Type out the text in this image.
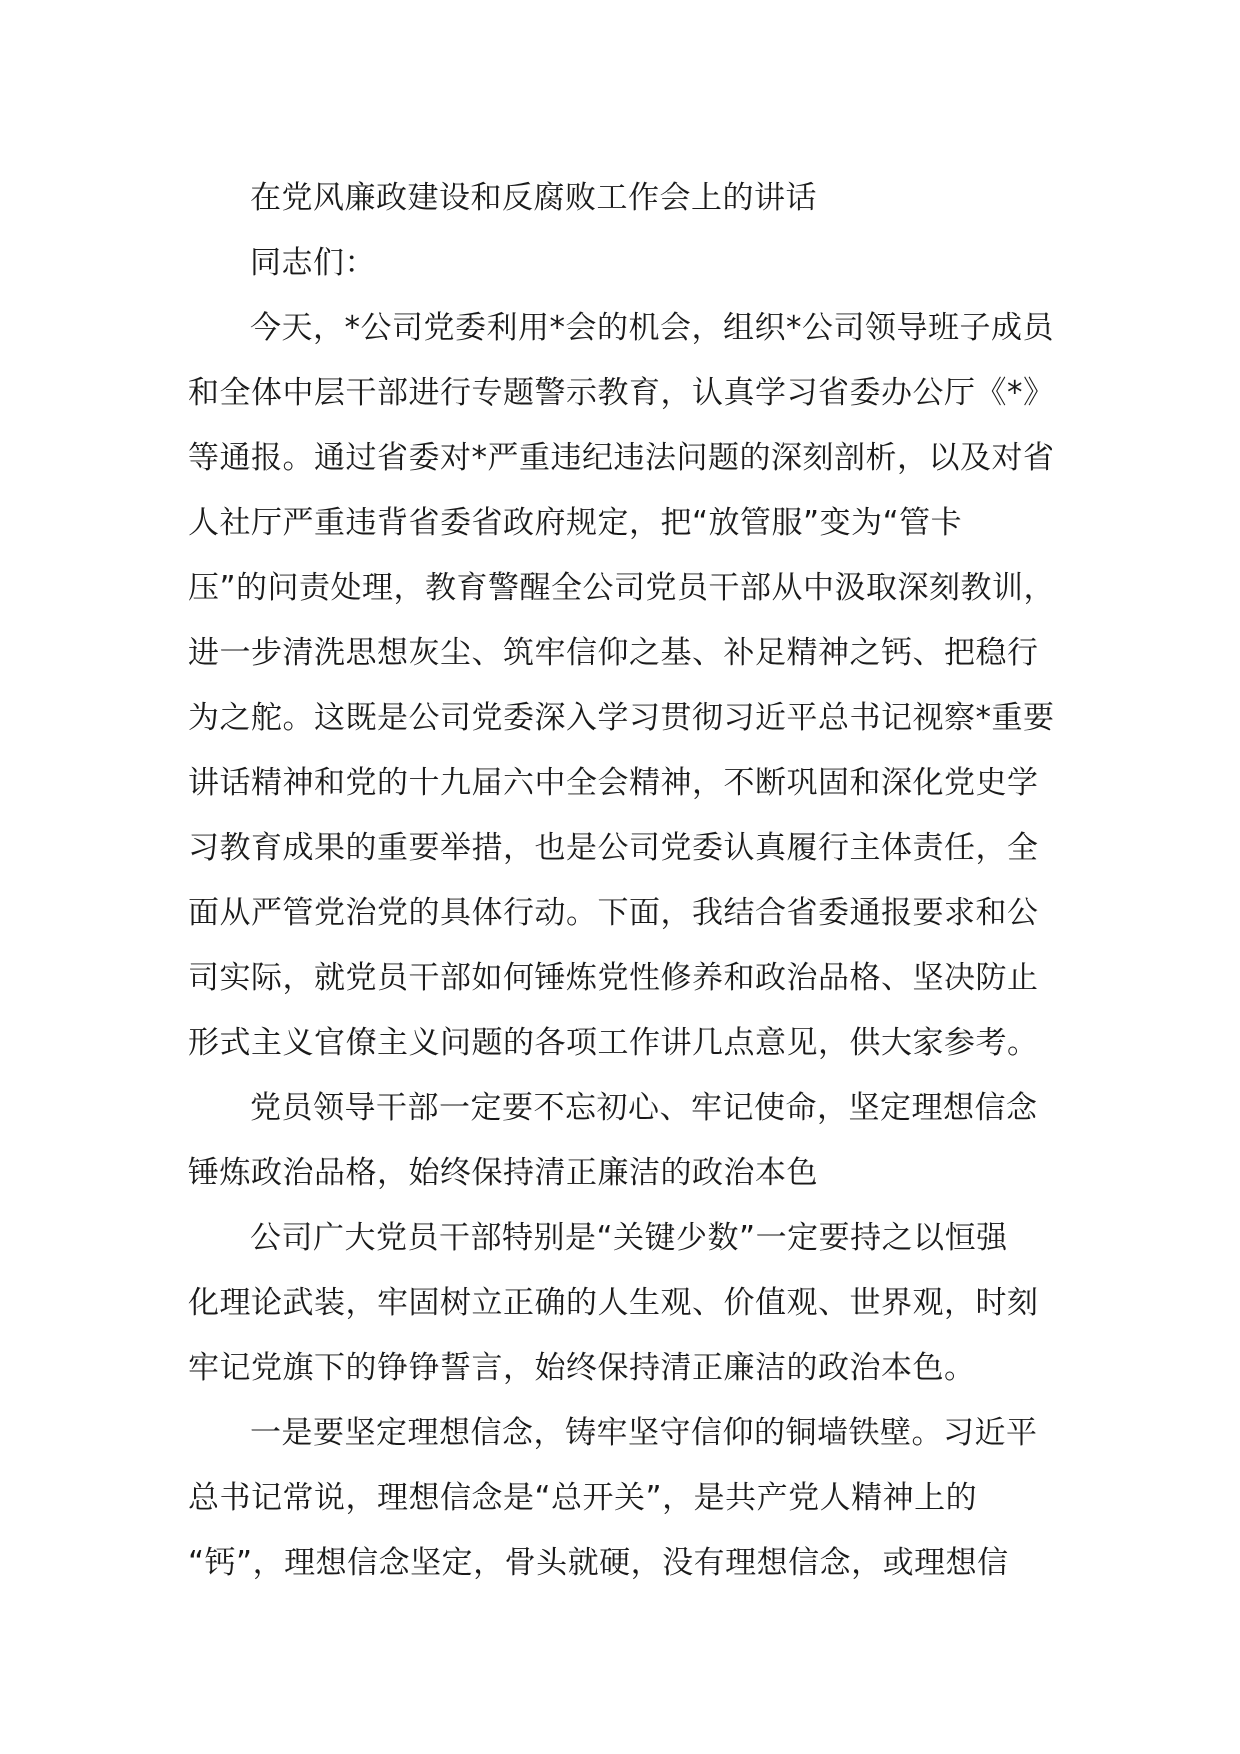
在党风廉政建设和反腐败工作会上的讲话
同志们：
今天，*公司党委利用*会的机会，组织*公司领导班子成员
和全体中层干部进行专题警示教育，认真学习省委办公厅《*》
等通报。通过省委对*严重违纪违法问题的深刻剖析，以及对省
人社厅严重违背省委省政府规定，把“放管服”变为“管卡
压”的问责处理，教育警醒全公司党员干部从中汲取深刻教训，
进一步清洗思想灰尘、筑牢信仰之基、补足精神之钙、把稳行
为之舵。这既是公司党委深入学习贯彻习近平总书记视察*重要
讲话精神和党的十九届六中全会精神，不断巩固和深化党史学
习教育成果的重要举措，也是公司党委认真履行主体责任，全
面从严管党治党的具体行动。下面，我结合省委通报要求和公
司实际，就党员干部如何锤炼党性修养和政治品格、坚决防止
形式主义官僚主义问题的各项工作讲几点意见，供大家参考。
党员领导干部一定要不忘初心、牢记使命，坚定理想信念
锤炼政治品格，始终保持清正廉洁的政治本色
公司广大党员干部特别是“关键少数”一定要持之以恒强
化理论武装，牢固树立正确的人生观、价值观、世界观，时刻
牢记党旗下的铮铮誓言，始终保持清正廉洁的政治本色。
一是要坚定理想信念，铸牢坚守信仰的铜墙铁壁。习近平
总书记常说，理想信念是“总开关”，是共产党人精神上的
“钙”，理想信念坚定，骨头就硬，没有理想信念，或理想信
